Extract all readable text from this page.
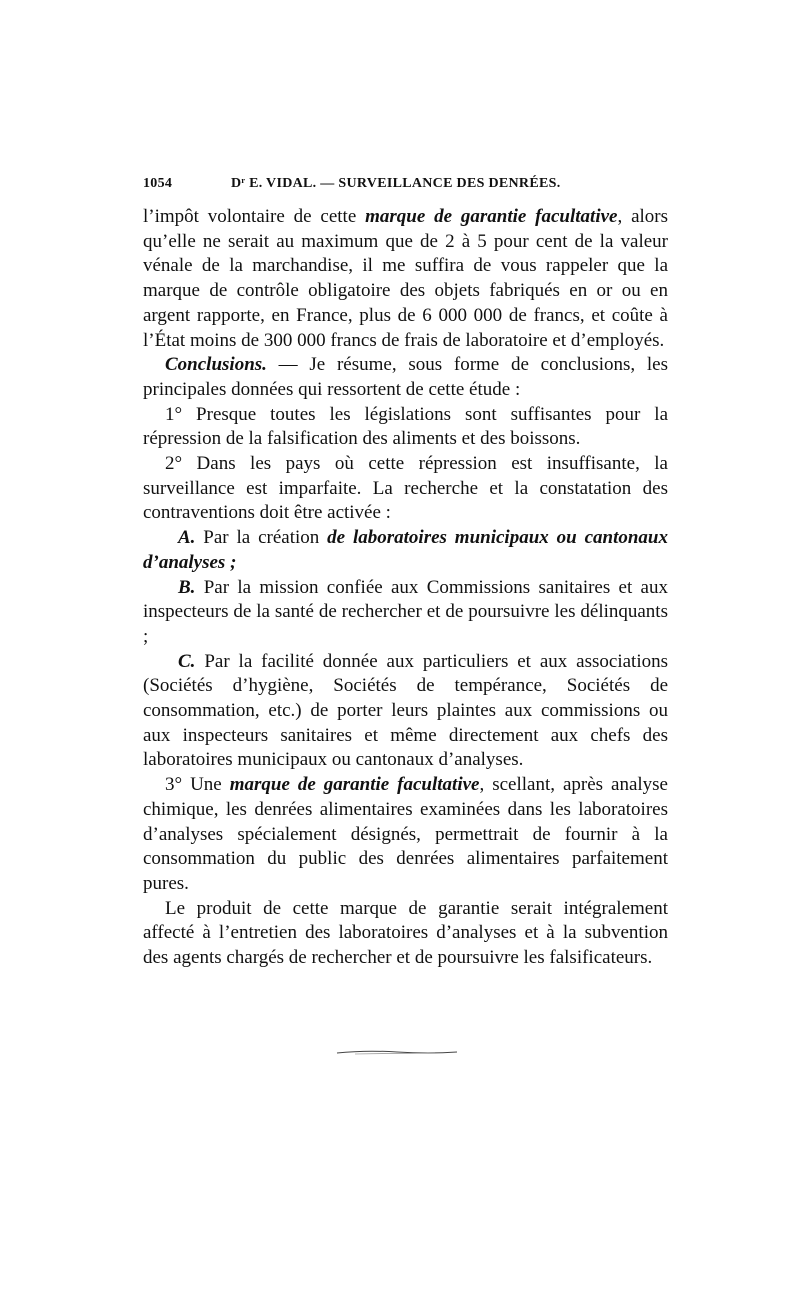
1054	Dʳ E. VIDAL. — SURVEILLANCE DES DENRÉES.

l’impôt volontaire de cette marque de garantie facultative, alors qu’elle ne serait au maximum que de 2 à 5 pour cent de la valeur vénale de la marchandise, il me suffira de vous rappeler que la marque de contrôle obligatoire des objets fabriqués en or ou en argent rapporte, en France, plus de 6 000 000 de francs, et coûte à l’État moins de 300 000 francs de frais de laboratoire et d’employés.

Conclusions. — Je résume, sous forme de conclusions, les principales données qui ressortent de cette étude :

1° Presque toutes les législations sont suffisantes pour la répression de la falsification des aliments et des boissons.

2° Dans les pays où cette répression est insuffisante, la surveillance est imparfaite. La recherche et la constatation des contraventions doit être activée :

A. Par la création de laboratoires municipaux ou cantonaux d’analyses ;

B. Par la mission confiée aux Commissions sanitaires et aux inspecteurs de la santé de rechercher et de poursuivre les délinquants ;

C. Par la facilité donnée aux particuliers et aux associations (Sociétés d’hygiène, Sociétés de tempérance, Sociétés de consommation, etc.) de porter leurs plaintes aux commissions ou aux inspecteurs sanitaires et même directement aux chefs des laboratoires municipaux ou cantonaux d’analyses.

3° Une marque de garantie facultative, scellant, après analyse chimique, les denrées alimentaires examinées dans les laboratoires d’analyses spécialement désignés, permettrait de fournir à la consommation du public des denrées alimentaires parfaitement pures.

Le produit de cette marque de garantie serait intégralement affecté à l’entretien des laboratoires d’analyses et à la subvention des agents chargés de rechercher et de poursuivre les falsificateurs.
